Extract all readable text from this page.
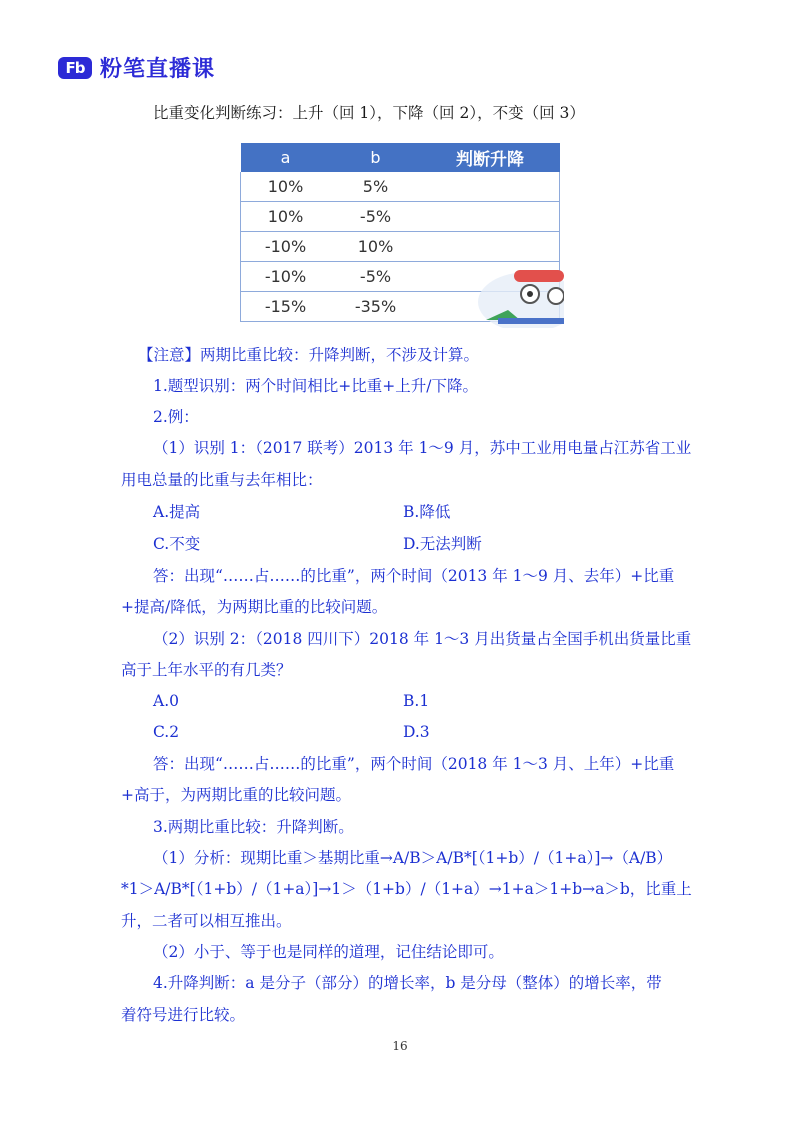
Fb 粉笔直播课
比重变化判断练习：上升（回 1），下降（回 2），不变（回 3）
a	b	判断升降
10%	5%	
10%	-5%	
-10%	10%	
-10%	-5%	
-15%	-35%	
【注意】两期比重比较：升降判断，不涉及计算。
1.题型识别：两个时间相比+比重+上升/下降。
2.例：
（1）识别 1：（2017 联考）2013 年 1～9 月，苏中工业用电量占江苏省工业
用电总量的比重与去年相比：
A.提高	B.降低
C.不变	D.无法判断
答：出现“……占……的比重”，两个时间（2013 年 1～9 月、去年）+比重
+提高/降低，为两期比重的比较问题。
（2）识别 2：（2018 四川下）2018 年 1～3 月出货量占全国手机出货量比重
高于上年水平的有几类？
A.0	B.1
C.2	D.3
答：出现“……占……的比重”，两个时间（2018 年 1～3 月、上年）+比重
+高于，为两期比重的比较问题。
3.两期比重比较：升降判断。
（1）分析：现期比重＞基期比重→A/B＞A/B*[（1+b）/（1+a）]→（A/B）
*1＞A/B*[（1+b）/（1+a）]→1＞（1+b）/（1+a）→1+a＞1+b→a＞b，比重上
升，二者可以相互推出。
（2）小于、等于也是同样的道理，记住结论即可。
4.升降判断：a 是分子（部分）的增长率，b 是分母（整体）的增长率，带
着符号进行比较。
16
